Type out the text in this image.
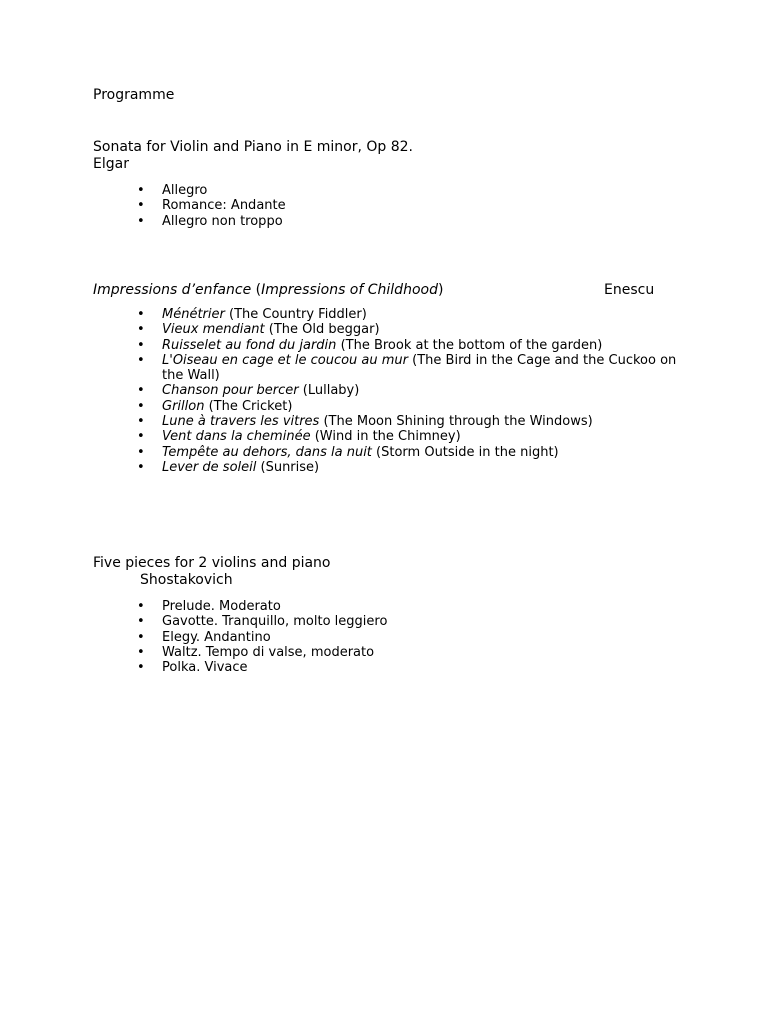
Programme
Sonata for Violin and Piano in E minor, Op 82.
Elgar
• Allegro
• Romance: Andante
• Allegro non troppo
Impressions d’enfance (Impressions of Childhood)	Enescu
• Ménétrier (The Country Fiddler)
• Vieux mendiant (The Old beggar)
• Ruisselet au fond du jardin (The Brook at the bottom of the garden)
• L'Oiseau en cage et le coucou au mur (The Bird in the Cage and the Cuckoo on the Wall)
• Chanson pour bercer (Lullaby)
• Grillon (The Cricket)
• Lune à travers les vitres (The Moon Shining through the Windows)
• Vent dans la cheminée (Wind in the Chimney)
• Tempête au dehors, dans la nuit (Storm Outside in the night)
• Lever de soleil (Sunrise)
Five pieces for 2 violins and piano
Shostakovich
• Prelude. Moderato
• Gavotte. Tranquillo, molto leggiero
• Elegy. Andantino
• Waltz. Tempo di valse, moderato
• Polka. Vivace
